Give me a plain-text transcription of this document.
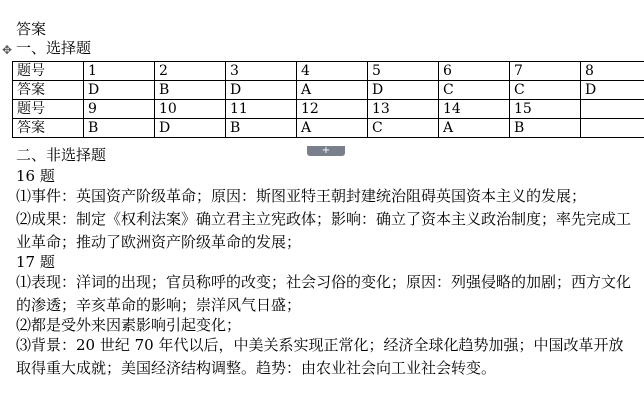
答案
一、选择题
✥
题号	1	2	3	4	5	6	7	8
答案	D	B	D	A	D	C	C	D
题号	9	10	11	12	13	14	15	
答案	B	D	B	A	C	A	B	
+
二、非选择题
16 题
⑴事件：英国资产阶级革命；原因：斯图亚特王朝封建统治阻碍英国资本主义的发展；
⑵成果：制定《权利法案》确立君主立宪政体；影响：确立了资本主义政治制度；率先完成工业革命；推动了欧洲资产阶级革命的发展；
17 题
⑴表现：洋词的出现；官员称呼的改变；社会习俗的变化；原因：列强侵略的加剧；西方文化的渗透；辛亥革命的影响；崇洋风气日盛；
⑵都是受外来因素影响引起变化；
⑶背景：20 世纪 70 年代以后，中美关系实现正常化；经济全球化趋势加强；中国改革开放取得重大成就；美国经济结构调整。趋势：由农业社会向工业社会转变。
